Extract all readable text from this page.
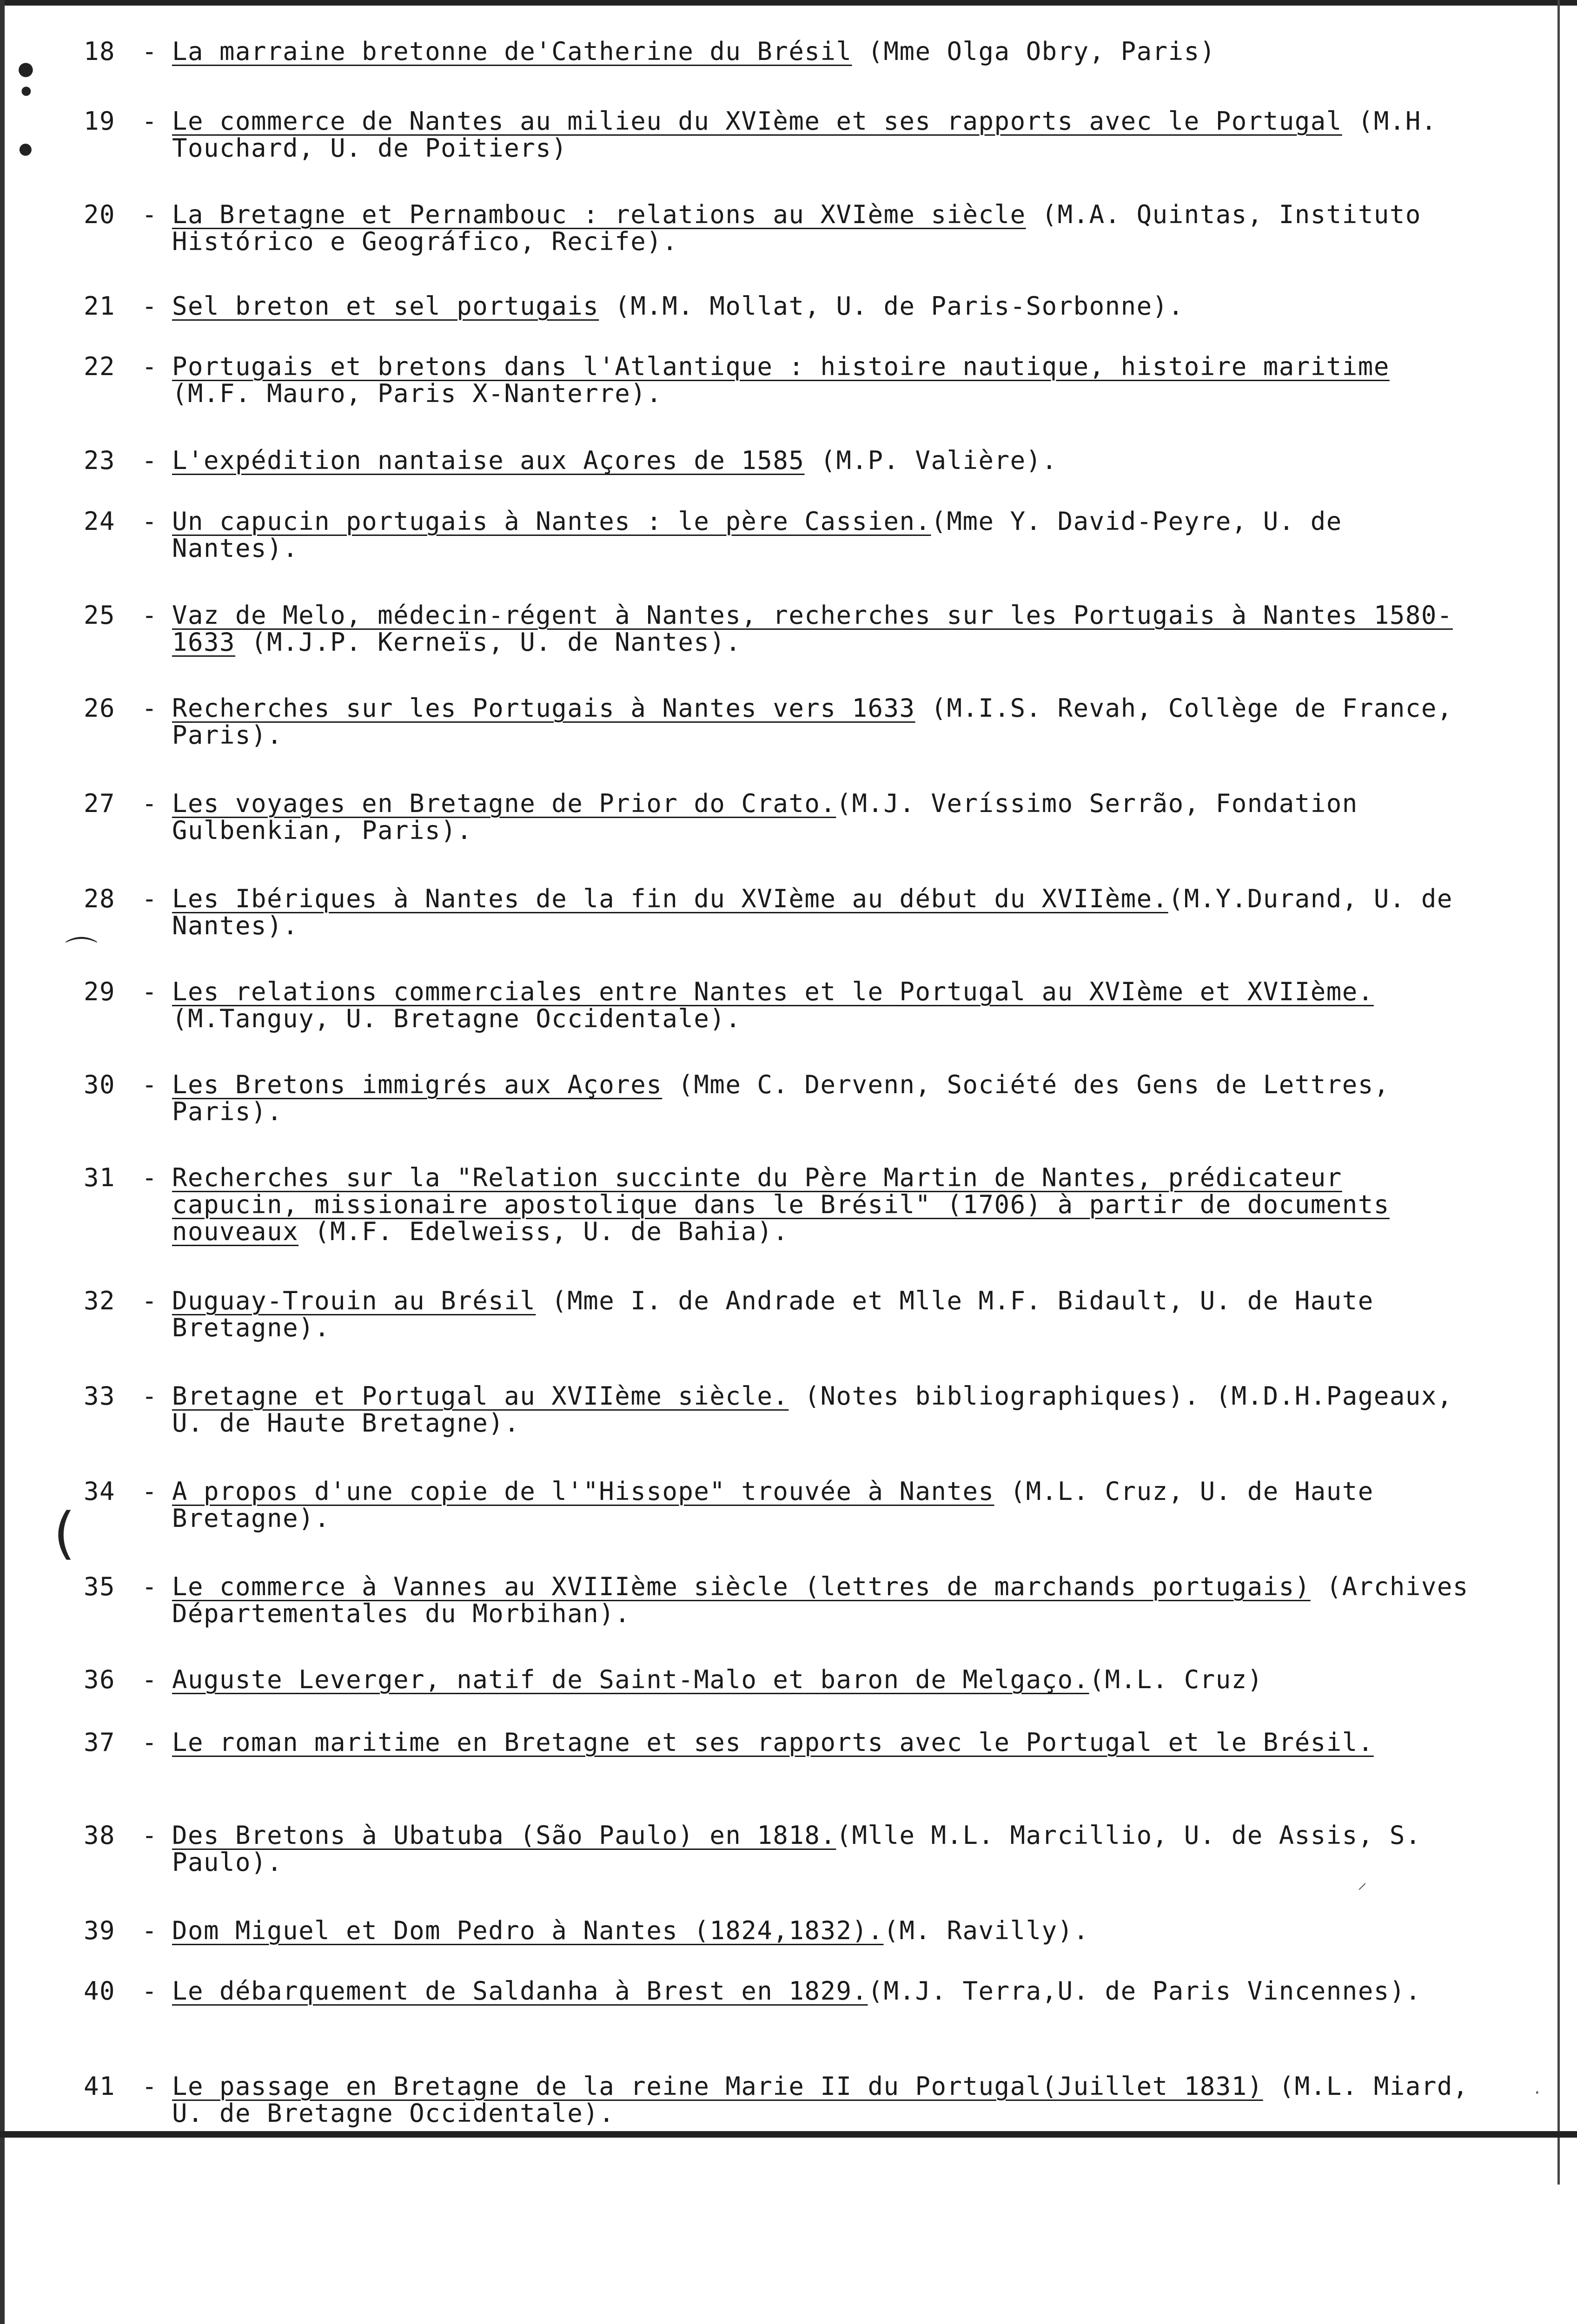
●
●
●
⌒
(
⸝
·
18	- La marraine bretonne de'Catherine du Brésil (Mme Olga Obry, Paris)
19	- Le commerce de Nantes au milieu du XVIème et ses rapports avec le Portugal (M.H. Touchard, U. de Poitiers)
20	- La Bretagne et Pernambouc : relations au XVIème siècle (M.A. Quintas, Instituto Histórico e Geográfico, Recife).
21	- Sel breton et sel portugais (M.M. Mollat, U. de Paris-Sorbonne).
22	- Portugais et bretons dans l'Atlantique : histoire nautique, histoire maritime (M.F. Mauro, Paris X-Nanterre).
23	- L'expédition nantaise aux Açores de 1585 (M.P. Valière).
24	- Un capucin portugais à Nantes : le père Cassien.(Mme Y. David-Peyre, U. de Nantes).
25	- Vaz de Melo, médecin-régent à Nantes, recherches sur les Portugais à Nantes 1580-1633 (M.J.P. Kerneïs, U. de Nantes).
26	- Recherches sur les Portugais à Nantes vers 1633 (M.I.S. Revah, Collège de France, Paris).
27	- Les voyages en Bretagne de Prior do Crato.(M.J. Veríssimo Serrão, Fondation Gulbenkian, Paris).
28	- Les Ibériques à Nantes de la fin du XVIème au début du XVIIème.(M.Y.Durand, U. de Nantes).
29	- Les relations commerciales entre Nantes et le Portugal au XVIème et XVIIème. (M.Tanguy, U. Bretagne Occidentale).
30	- Les Bretons immigrés aux Açores (Mme C. Dervenn, Société des Gens de Lettres, Paris).
31	- Recherches sur la "Relation succinte du Père Martin de Nantes, prédicateur capucin, missionaire apostolique dans le Brésil" (1706) à partir de documents nouveaux (M.F. Edelweiss, U. de Bahia).
32	- Duguay-Trouin au Brésil (Mme I. de Andrade et Mlle M.F. Bidault, U. de Haute Bretagne).
33	- Bretagne et Portugal au XVIIème siècle. (Notes bibliographiques). (M.D.H.Pageaux, U. de Haute Bretagne).
34	- A propos d'une copie de l'"Hissope" trouvée à Nantes (M.L. Cruz, U. de Haute Bretagne).
35	- Le commerce à Vannes au XVIIIème siècle (lettres de marchands portugais) (Archives Départementales du Morbihan).
36	- Auguste Leverger, natif de Saint-Malo et baron de Melgaço.(M.L. Cruz)
37	- Le roman maritime en Bretagne et ses rapports avec le Portugal et le Brésil.
38	- Des Bretons à Ubatuba (São Paulo) en 1818.(Mlle M.L. Marcillio, U. de Assis, S. Paulo).
39	- Dom Miguel et Dom Pedro à Nantes (1824,1832).(M. Ravilly).
40	- Le débarquement de Saldanha à Brest en 1829.(M.J. Terra,U. de Paris Vincennes).
41	- Le passage en Bretagne de la reine Marie II du Portugal(Juillet 1831) (M.L. Miard, U. de Bretagne Occidentale).
